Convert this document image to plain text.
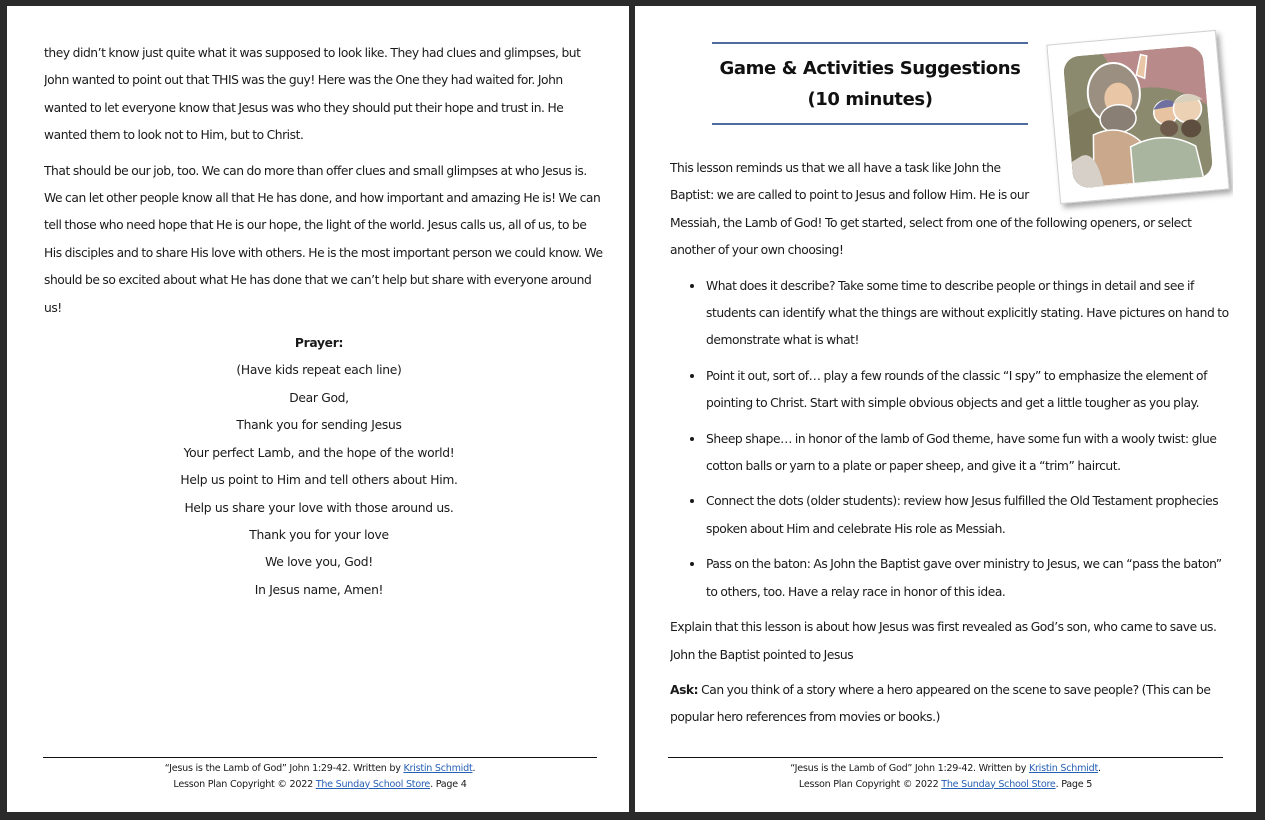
they didn’t know just quite what it was supposed to look like. They had clues and glimpses, but John wanted to point out that THIS was the guy! Here was the One they had waited for. John wanted to let everyone know that Jesus was who they should put their hope and trust in. He wanted them to look not to Him, but to Christ.

That should be our job, too. We can do more than offer clues and small glimpses at who Jesus is. We can let other people know all that He has done, and how important and amazing He is! We can tell those who need hope that He is our hope, the light of the world. Jesus calls us, all of us, to be His disciples and to share His love with others. He is the most important person we could know. We should be so excited about what He has done that we can’t help but share with everyone around us!

Prayer:
(Have kids repeat each line)
Dear God,
Thank you for sending Jesus
Your perfect Lamb, and the hope of the world!
Help us point to Him and tell others about Him.
Help us share your love with those around us.
Thank you for your love
We love you, God!
In Jesus name, Amen!
“Jesus is the Lamb of God” John 1:29-42. Written by Kristin Schmidt.
Lesson Plan Copyright © 2022 The Sunday School Store. Page 4
Game & Activities Suggestions
(10 minutes)

This lesson reminds us that we all have a task like John the Baptist: we are called to point to Jesus and follow Him. He is our Messiah, the Lamb of God! To get started, select from one of the following openers, or select another of your own choosing!

What does it describe? Take some time to describe people or things in detail and see if students can identify what the things are without explicitly stating. Have pictures on hand to demonstrate what is what!
Point it out, sort of… play a few rounds of the classic “I spy” to emphasize the element of pointing to Christ. Start with simple obvious objects and get a little tougher as you play.
Sheep shape… in honor of the lamb of God theme, have some fun with a wooly twist: glue cotton balls or yarn to a plate or paper sheep, and give it a “trim” haircut.
Connect the dots (older students): review how Jesus fulfilled the Old Testament prophecies spoken about Him and celebrate His role as Messiah.
Pass on the baton: As John the Baptist gave over ministry to Jesus, we can “pass the baton” to others, too. Have a relay race in honor of this idea.

Explain that this lesson is about how Jesus was first revealed as God’s son, who came to save us. John the Baptist pointed to Jesus

Ask: Can you think of a story where a hero appeared on the scene to save people? (This can be popular hero references from movies or books.)

“Jesus is the Lamb of God” John 1:29-42. Written by Kristin Schmidt.
Lesson Plan Copyright © 2022 The Sunday School Store. Page 5
